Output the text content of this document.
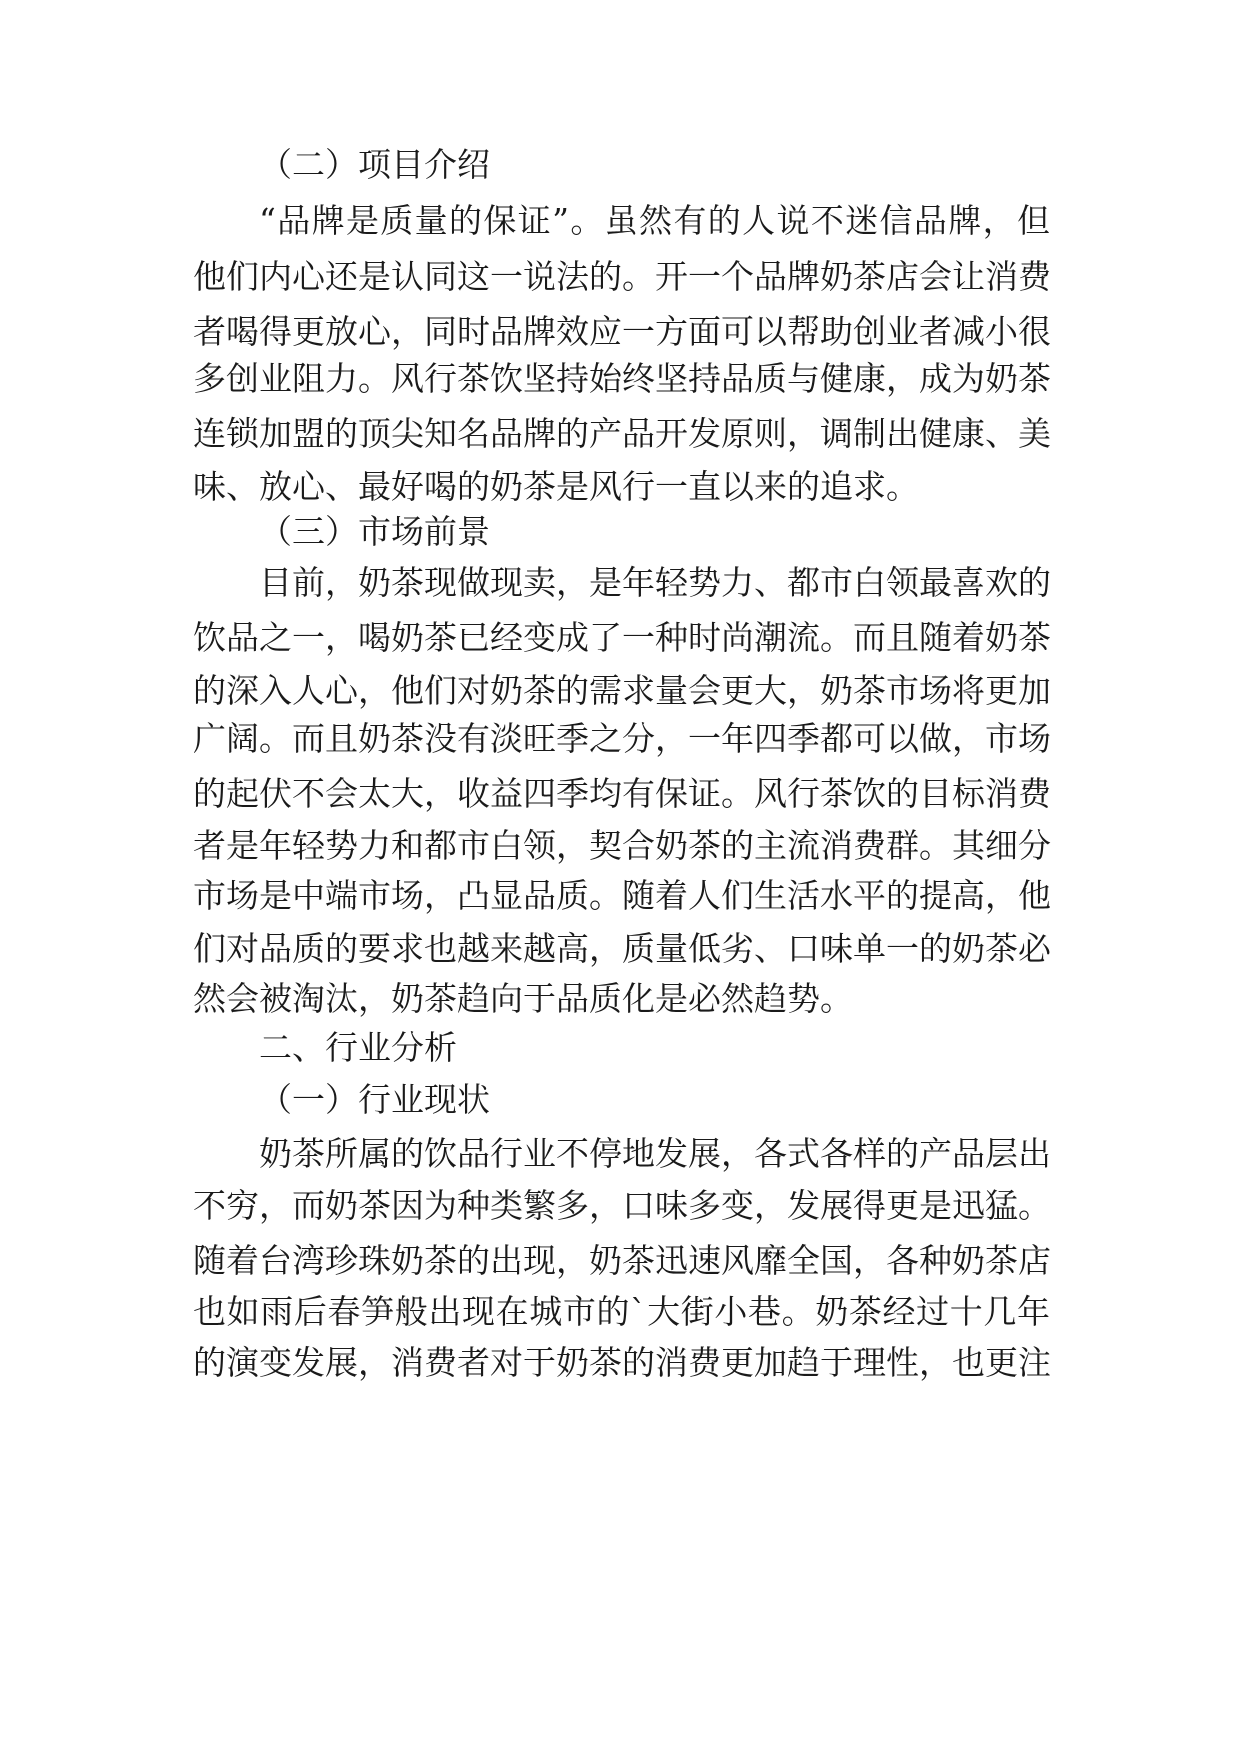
（二）项目介绍
“品牌是质量的保证”。虽然有的人说不迷信品牌，但
他们内心还是认同这一说法的。开一个品牌奶茶店会让消费
者喝得更放心，同时品牌效应一方面可以帮助创业者减小很
多创业阻力。风行茶饮坚持始终坚持品质与健康，成为奶茶
连锁加盟的顶尖知名品牌的产品开发原则，调制出健康、美
味、放心、最好喝的奶茶是风行一直以来的追求。
（三）市场前景
目前，奶茶现做现卖，是年轻势力、都市白领最喜欢的
饮品之一，喝奶茶已经变成了一种时尚潮流。而且随着奶茶
的深入人心，他们对奶茶的需求量会更大，奶茶市场将更加
广阔。而且奶茶没有淡旺季之分，一年四季都可以做，市场
的起伏不会太大，收益四季均有保证。风行茶饮的目标消费
者是年轻势力和都市白领，契合奶茶的主流消费群。其细分
市场是中端市场，凸显品质。随着人们生活水平的提高，他
们对品质的要求也越来越高，质量低劣、口味单一的奶茶必
然会被淘汰，奶茶趋向于品质化是必然趋势。
二、行业分析
（一）行业现状
奶茶所属的饮品行业不停地发展，各式各样的产品层出
不穷，而奶茶因为种类繁多，口味多变，发展得更是迅猛。
随着台湾珍珠奶茶的出现，奶茶迅速风靡全国，各种奶茶店
也如雨后春笋般出现在城市的`大街小巷。奶茶经过十几年
的演变发展，消费者对于奶茶的消费更加趋于理性，也更注
